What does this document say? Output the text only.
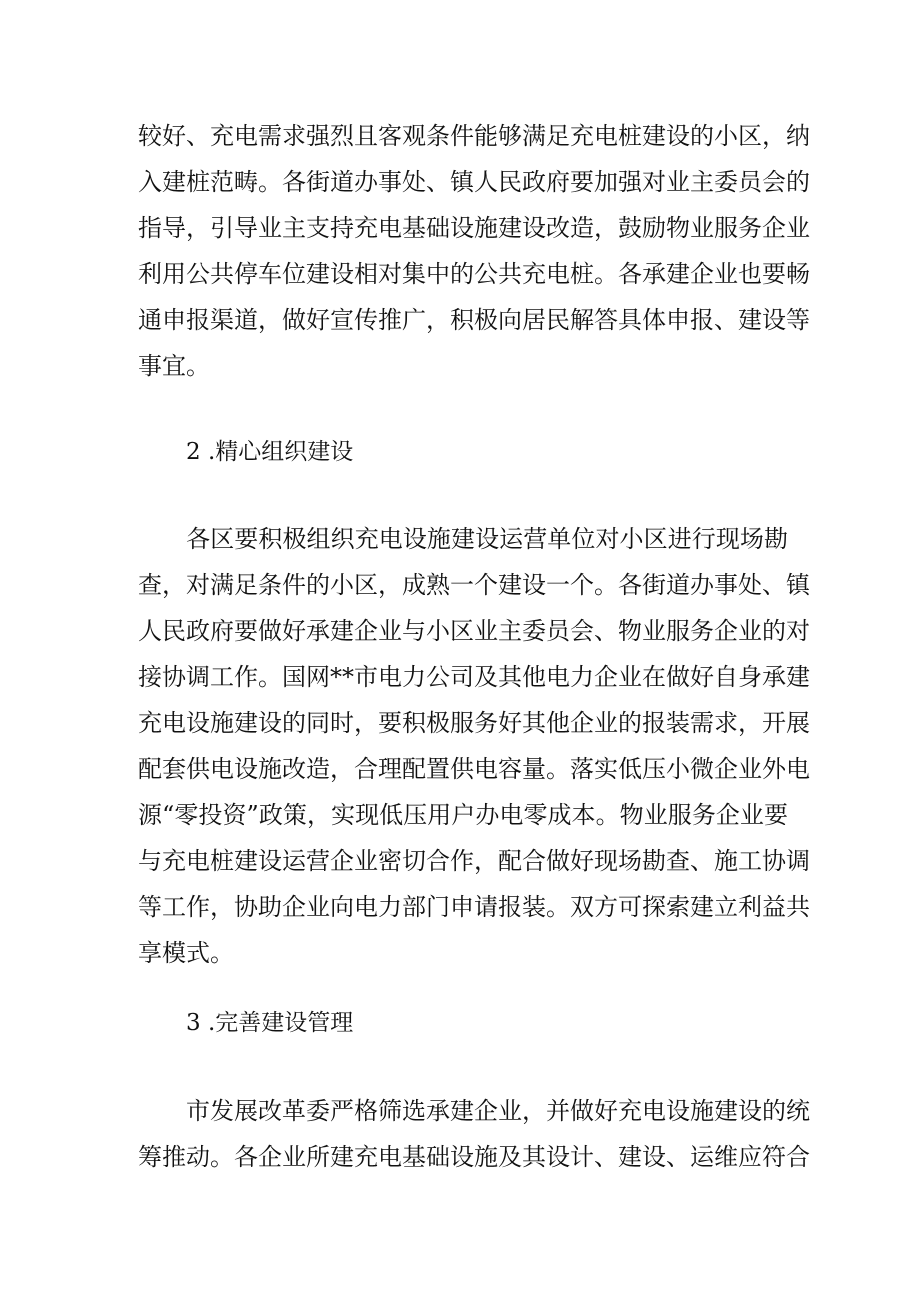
较好、充电需求强烈且客观条件能够满足充电桩建设的小区，纳
入建桩范畴。各街道办事处、镇人民政府要加强对业主委员会的
指导，引导业主支持充电基础设施建设改造，鼓励物业服务企业
利用公共停车位建设相对集中的公共充电桩。各承建企业也要畅
通申报渠道，做好宣传推广，积极向居民解答具体申报、建设等
事宜。
2 .精心组织建设
　　各区要积极组织充电设施建设运营单位对小区进行现场勘
查，对满足条件的小区，成熟一个建设一个。各街道办事处、镇
人民政府要做好承建企业与小区业主委员会、物业服务企业的对
接协调工作。国网**市电力公司及其他电力企业在做好自身承建
充电设施建设的同时，要积极服务好其他企业的报装需求，开展
配套供电设施改造，合理配置供电容量。落实低压小微企业外电
源“零投资”政策，实现低压用户办电零成本。物业服务企业要
与充电桩建设运营企业密切合作，配合做好现场勘查、施工协调
等工作，协助企业向电力部门申请报装。双方可探索建立利益共
享模式。
3 .完善建设管理
　　市发展改革委严格筛选承建企业，并做好充电设施建设的统
筹推动。各企业所建充电基础设施及其设计、建设、运维应符合
